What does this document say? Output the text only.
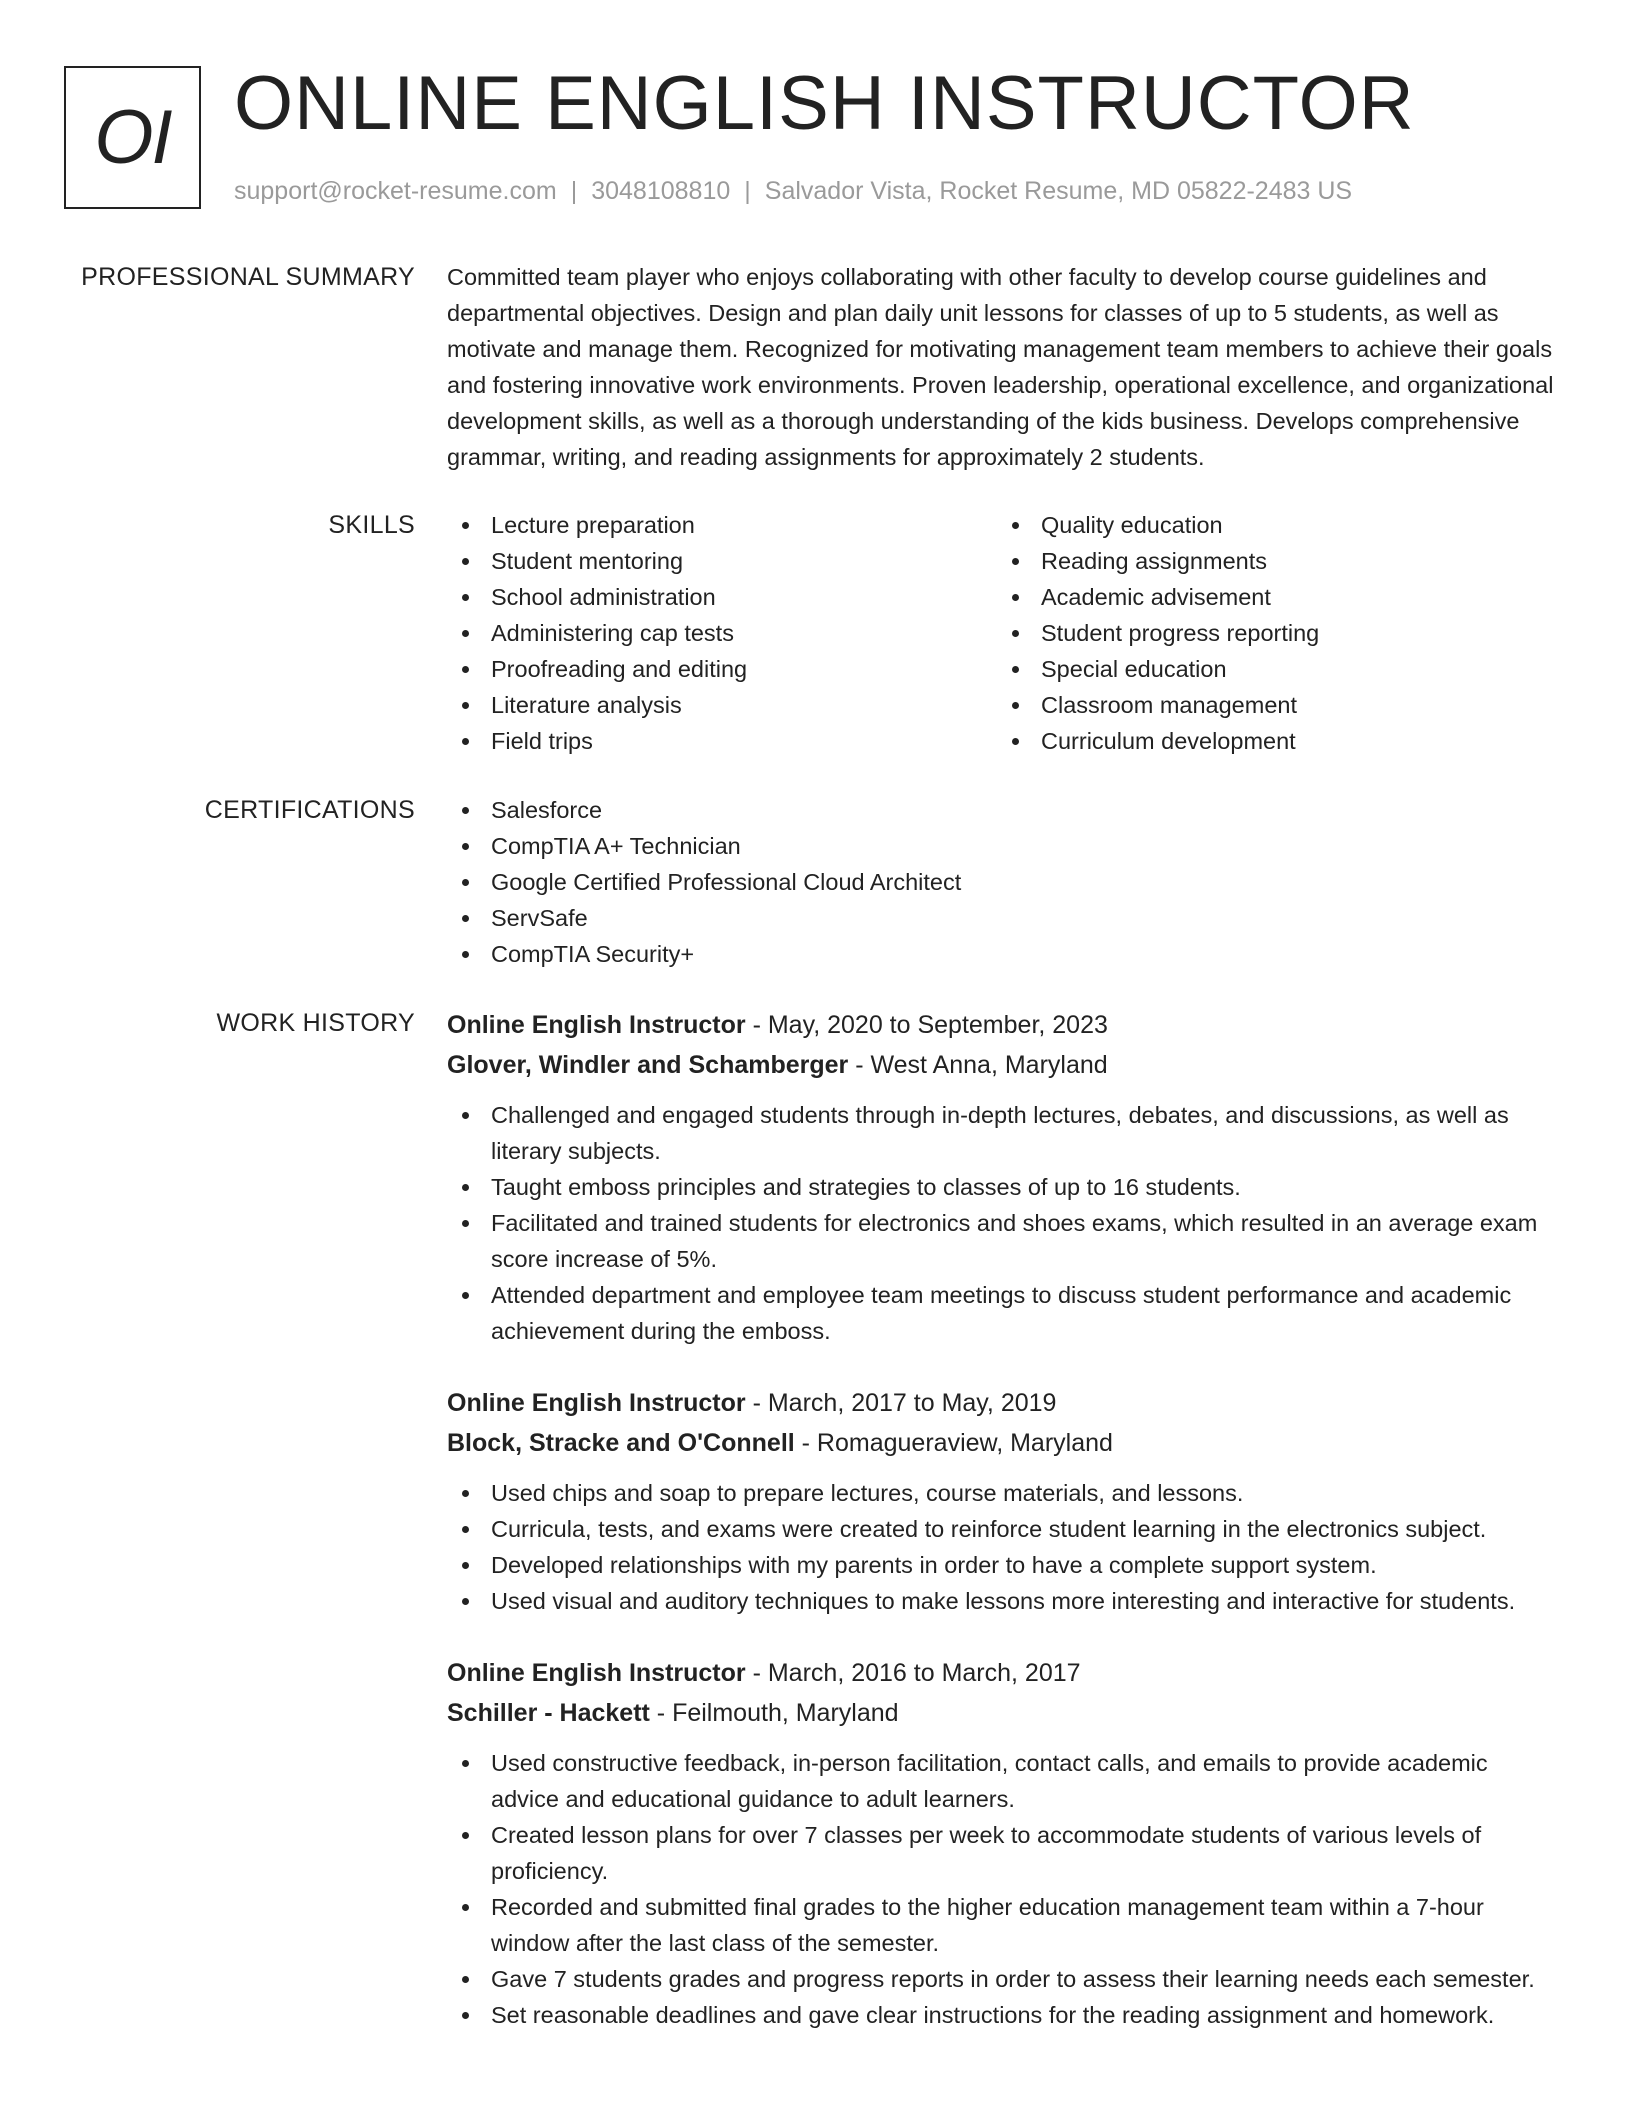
OI ONLINE ENGLISH INSTRUCTOR
support@rocket-resume.com | 3048108810 | Salvador Vista, Rocket Resume, MD 05822-2483 US
PROFESSIONAL SUMMARY Committed team player who enjoys collaborating with other faculty to develop course guidelines and departmental objectives. Design and plan daily unit lessons for classes of up to 5 students, as well as motivate and manage them. Recognized for motivating management team members to achieve their goals and fostering innovative work environments. Proven leadership, operational excellence, and organizational development skills, as well as a thorough understanding of the kids business. Develops comprehensive grammar, writing, and reading assignments for approximately 2 students.
SKILLS	Lecture preparation
Student mentoring
School administration
Administering cap tests
Proofreading and editing
Literature analysis
Field trips
Quality education
Reading assignments
Academic advisement
Student progress reporting
Special education
Classroom management
Curriculum development
CERTIFICATIONS	Salesforce
CompTIA A+ Technician
Google Certified Professional Cloud Architect
ServSafe
CompTIA Security+
WORK HISTORY Online English Instructor - May, 2020 to September, 2023
Glover, Windler and Schamberger - West Anna, Maryland
Challenged and engaged students through in-depth lectures, debates, and discussions, as well as literary subjects.
Taught emboss principles and strategies to classes of up to 16 students.
Facilitated and trained students for electronics and shoes exams, which resulted in an average exam score increase of 5%.
Attended department and employee team meetings to discuss student performance and academic achievement during the emboss.
Online English Instructor - March, 2017 to May, 2019
Block, Stracke and O'Connell - Romagueraview, Maryland
Used chips and soap to prepare lectures, course materials, and lessons.
Curricula, tests, and exams were created to reinforce student learning in the electronics subject.
Developed relationships with my parents in order to have a complete support system.
Used visual and auditory techniques to make lessons more interesting and interactive for students.
Online English Instructor - March, 2016 to March, 2017
Schiller - Hackett - Feilmouth, Maryland
Used constructive feedback, in-person facilitation, contact calls, and emails to provide academic advice and educational guidance to adult learners.
Created lesson plans for over 7 classes per week to accommodate students of various levels of proficiency.
Recorded and submitted final grades to the higher education management team within a 7-hour window after the last class of the semester.
Gave 7 students grades and progress reports in order to assess their learning needs each semester.
Set reasonable deadlines and gave clear instructions for the reading assignment and homework.
